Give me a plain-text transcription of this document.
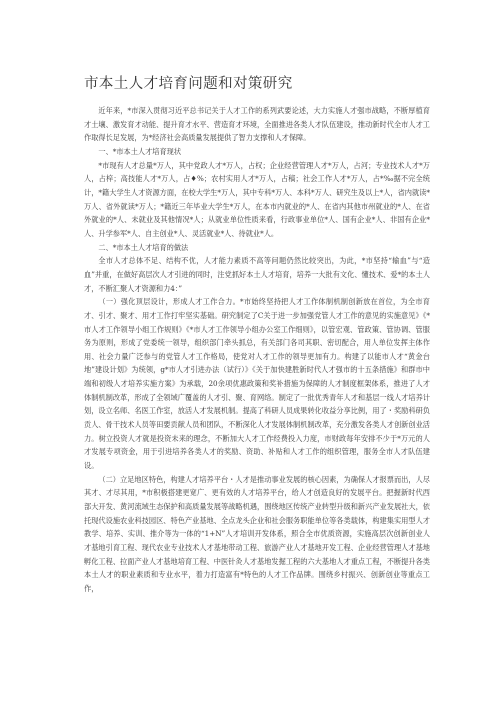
市本土人才培育问题和对策研究

近年来，*市深入贯彻习近平总书记关于人才工作的系列武要论述，大力实施人才强市战略，不断厚植育才土壤、激发育才动能、提升育才水平、营造育才环境，全面推进各类人才队伍建设，推动新时代全市人才工作取得长足发展，为*经济社会高质量发展提供了智力支撑和人才保障。

一、*市本土人才培育现状

*市现有人才总量*万人，其中党政人才*万人，占权；企业经营管理人才*万人，占河；专业技术人才*万人，占梓；高技能人才*万人，占♦%；农村实用人才*万人，占稿；社会工作人才*万人，占*‰据不完全统计，*籍大学生人才资源方面，在校大学生*万人，其中专科*万人、本科*万人、研究生及以上*人，省内就读*万人、省外就读*万人；*籍近三年毕业大学生*万人，在本市内就业的*人、在省内其他市州就业的*人、在省外就业的*人、未就业及其他情况*人；从就业单位性质来看，行政事业单位*人、国有企业*人、非国有企业*人、升学参军*人、自主创业*人、灵活就业*人、待就业*人。

二、*市本土人才培育的做法

全市人才总体不足、结构不优，人才能力素质不高等问题仍然比较突出，为此，*市坚持“输血”与“造血”并重，在做好高层次人才引进的同时，注党抓好本土人才培育，培养一大批有文化、懂技术、爱*的本土人才，不断汇聚人才资源和力4：”

（一）强化顶层设计，形成人才工作合力。*市始终坚持把人才工作体制机制创新放在首位，为全市育才、引才、聚才、用才工作打牢坚实基础。研究制定了C关于进一步加强党管人才工作的意见的实施意见》《*市人才工作领导小组工作规则》《*市人才工作领导小组办公室工作细则》，以管宏观、管政策、管协调、管服务为原则，形成了党委统一领导，组织部门牵头抓总，有关部门各司其职、密切配合，用人单位发挥主体作用、社会力量广泛参与的党管人才工作格局，使党对人才工作的领导更加有力。构建了以能市人才“黄金台地”建设计划》为统领，g*市人才引进办法（试行）》《关于加快建胜新时代人才强市的十五条措施》和群市中端和初级人才培养实施方案》为承载，20余项优惠政策和奖补措施为保障的人才制度框架体系，推进了人才体制机制改革，形成了全领域广覆盖的人才引、聚、育网络。制定了一批优秀青年人才和基层一线人才培养计划，设立名师、名医工作室，放活人才发展机制。提高了科研人员成果转化收益分享比例，用了・奖励科研负贡人、骨干技术人员等田要贡献人员和团队，不断深化人才发展体制机制改革，充分激发各类人才创新创业活力。树立投资人才就是投资未来的理念，不断加大人才工作经费投入力度，市财政每年安排不少于*万元的人才发展专项资金，用于引进培养各类人才的奖励、资助、补贴和人才工作的组织管理，服务全市人才队伍建设。

（二）立足地区特色，构建人才培养平台・人才是推动事业发展的核心因素，为确保人才报票而出，人尽其才、才尽其用，*市积极搭建更宽广、更有效的人才培养平台，给人才创造良好的发展平台。把握新时代西部大开发、黄河流域生态保护和高质量发展等战略机遇，围绕地区传统产业转型升级和新兴产业发展社大，依托现代设施农业科技园区、特色产业基地、全点龙头企业和社会服务职能单位等各类载体，构建集实用型人才教学、培养、实训、推介等为一体的“1+N”人才培训开发体系，照合全市优质资源，实施高层次创新创业人才基地引育工程、现代农业专业技术人才基地带动工程、旅游产业人才基地开发工程、企业经营管理人才基地孵化工程、拉面产业人才基地培育工程、中医针灸人才基地发掘工程的六大基地人才重点工程，不断提升各类本土人才的职业素质和专业水平，着力打造富有*特色的人才工作品牌。围绕乡村振兴、创新创业等重点工作，
